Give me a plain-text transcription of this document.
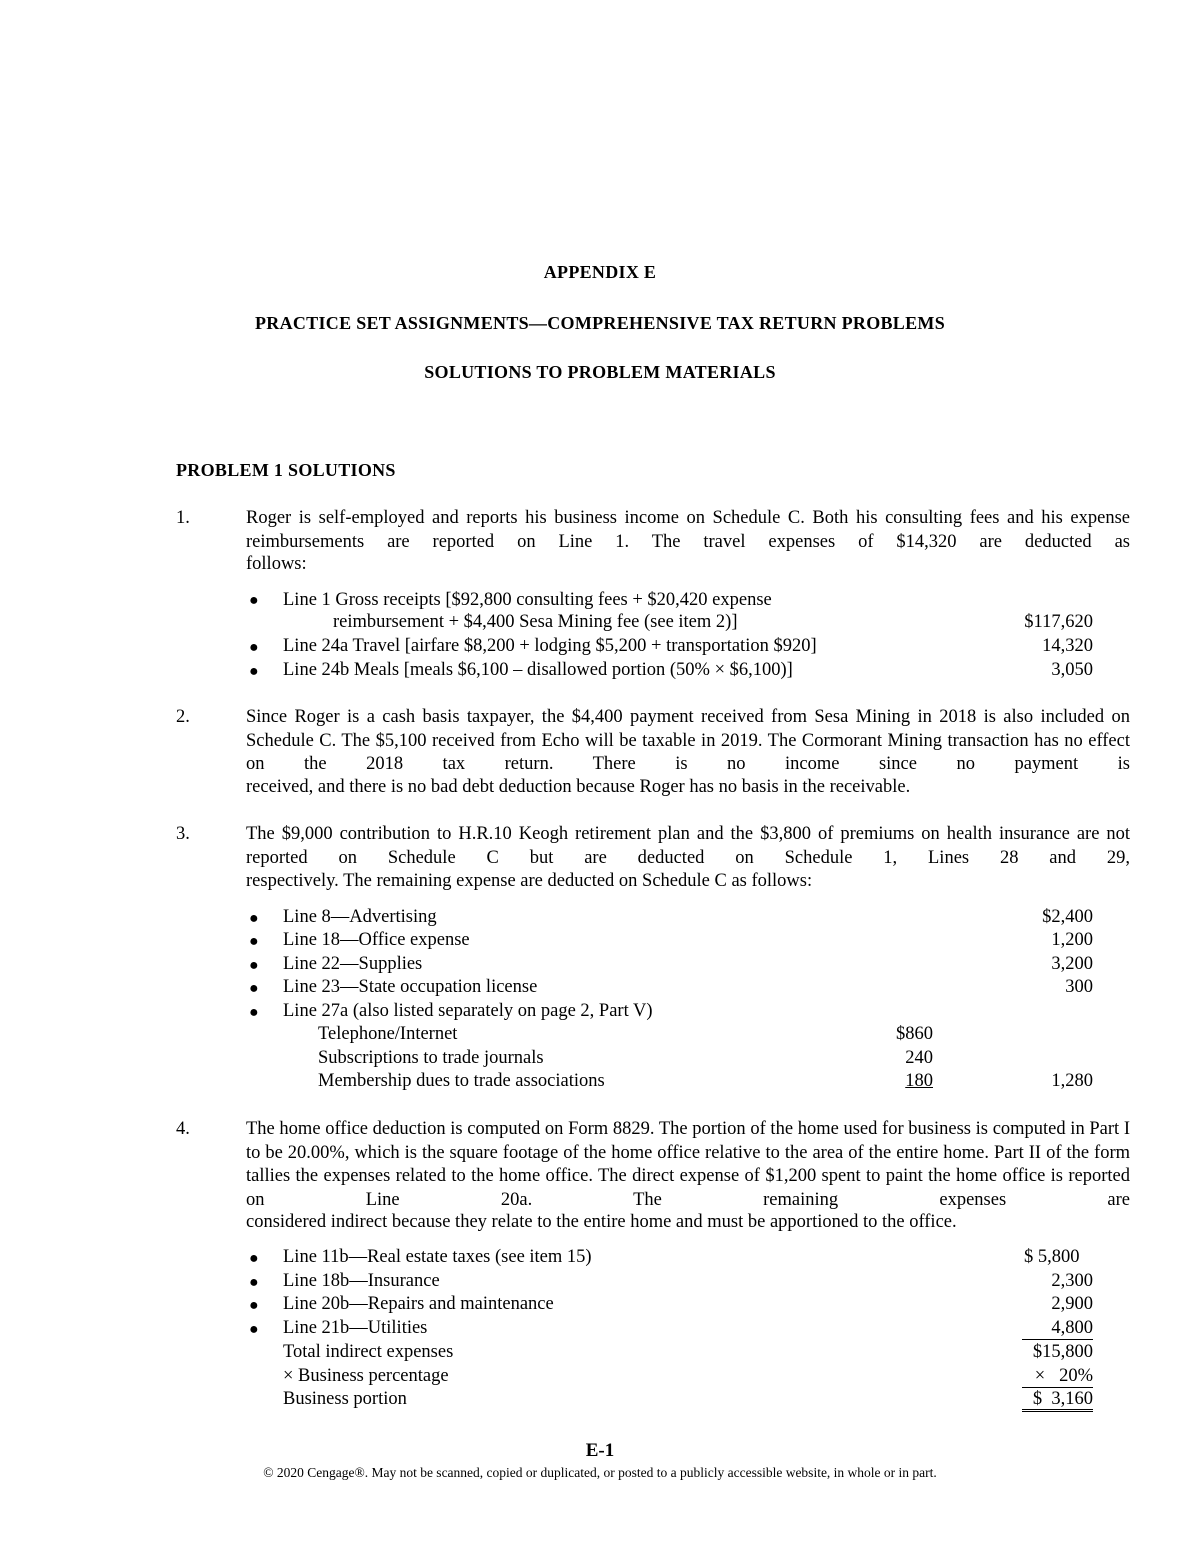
APPENDIX E
PRACTICE SET ASSIGNMENTS—COMPREHENSIVE TAX RETURN PROBLEMS
SOLUTIONS TO PROBLEM MATERIALS
PROBLEM 1 SOLUTIONS
1.	Roger is self-employed and reports his business income on Schedule C. Both his consulting fees and his expense reimbursements are reported on Line 1. The travel expenses of $14,320 are deducted as
follows:
● Line 1 Gross receipts [$92,800 consulting fees + $20,420 expense
reimbursement + $4,400 Sesa Mining fee (see item 2)]	$117,620
● Line 24a Travel [airfare $8,200 + lodging $5,200 + transportation $920]	14,320
● Line 24b Meals [meals $6,100 – disallowed portion (50% × $6,100)]	3,050
2.	Since Roger is a cash basis taxpayer, the $4,400 payment received from Sesa Mining in 2018 is also included on Schedule C. The $5,100 received from Echo will be taxable in 2019. The Cormorant Mining transaction has no effect on the 2018 tax return. There is no income since no payment is
received, and there is no bad debt deduction because Roger has no basis in the receivable.
3.	The $9,000 contribution to H.R.10 Keogh retirement plan and the $3,800 of premiums on health insurance are not reported on Schedule C but are deducted on Schedule 1, Lines 28 and 29,
respectively. The remaining expense are deducted on Schedule C as follows:
● Line 8—Advertising	$2,400
● Line 18—Office expense	1,200
● Line 22—Supplies	3,200
● Line 23—State occupation license	300
● Line 27a (also listed separately on page 2, Part V)
Telephone/Internet	$860
Subscriptions to trade journals	240
Membership dues to trade associations	180	1,280
4.	The home office deduction is computed on Form 8829. The portion of the home used for business is computed in Part I to be 20.00%, which is the square footage of the home office relative to the area of the entire home. Part II of the form tallies the expenses related to the home office. The direct expense of $1,200 spent to paint the home office is reported on Line 20a. The remaining expenses are
considered indirect because they relate to the entire home and must be apportioned to the office.
● Line 11b—Real estate taxes (see item 15)	$ 5,800
● Line 18b—Insurance	2,300
● Line 20b—Repairs and maintenance	2,900
● Line 21b—Utilities	4,800
Total indirect expenses	$15,800
× Business percentage	×   20%
Business portion	$  3,160
E-1
© 2020 Cengage®. May not be scanned, copied or duplicated, or posted to a publicly accessible website, in whole or in part.
